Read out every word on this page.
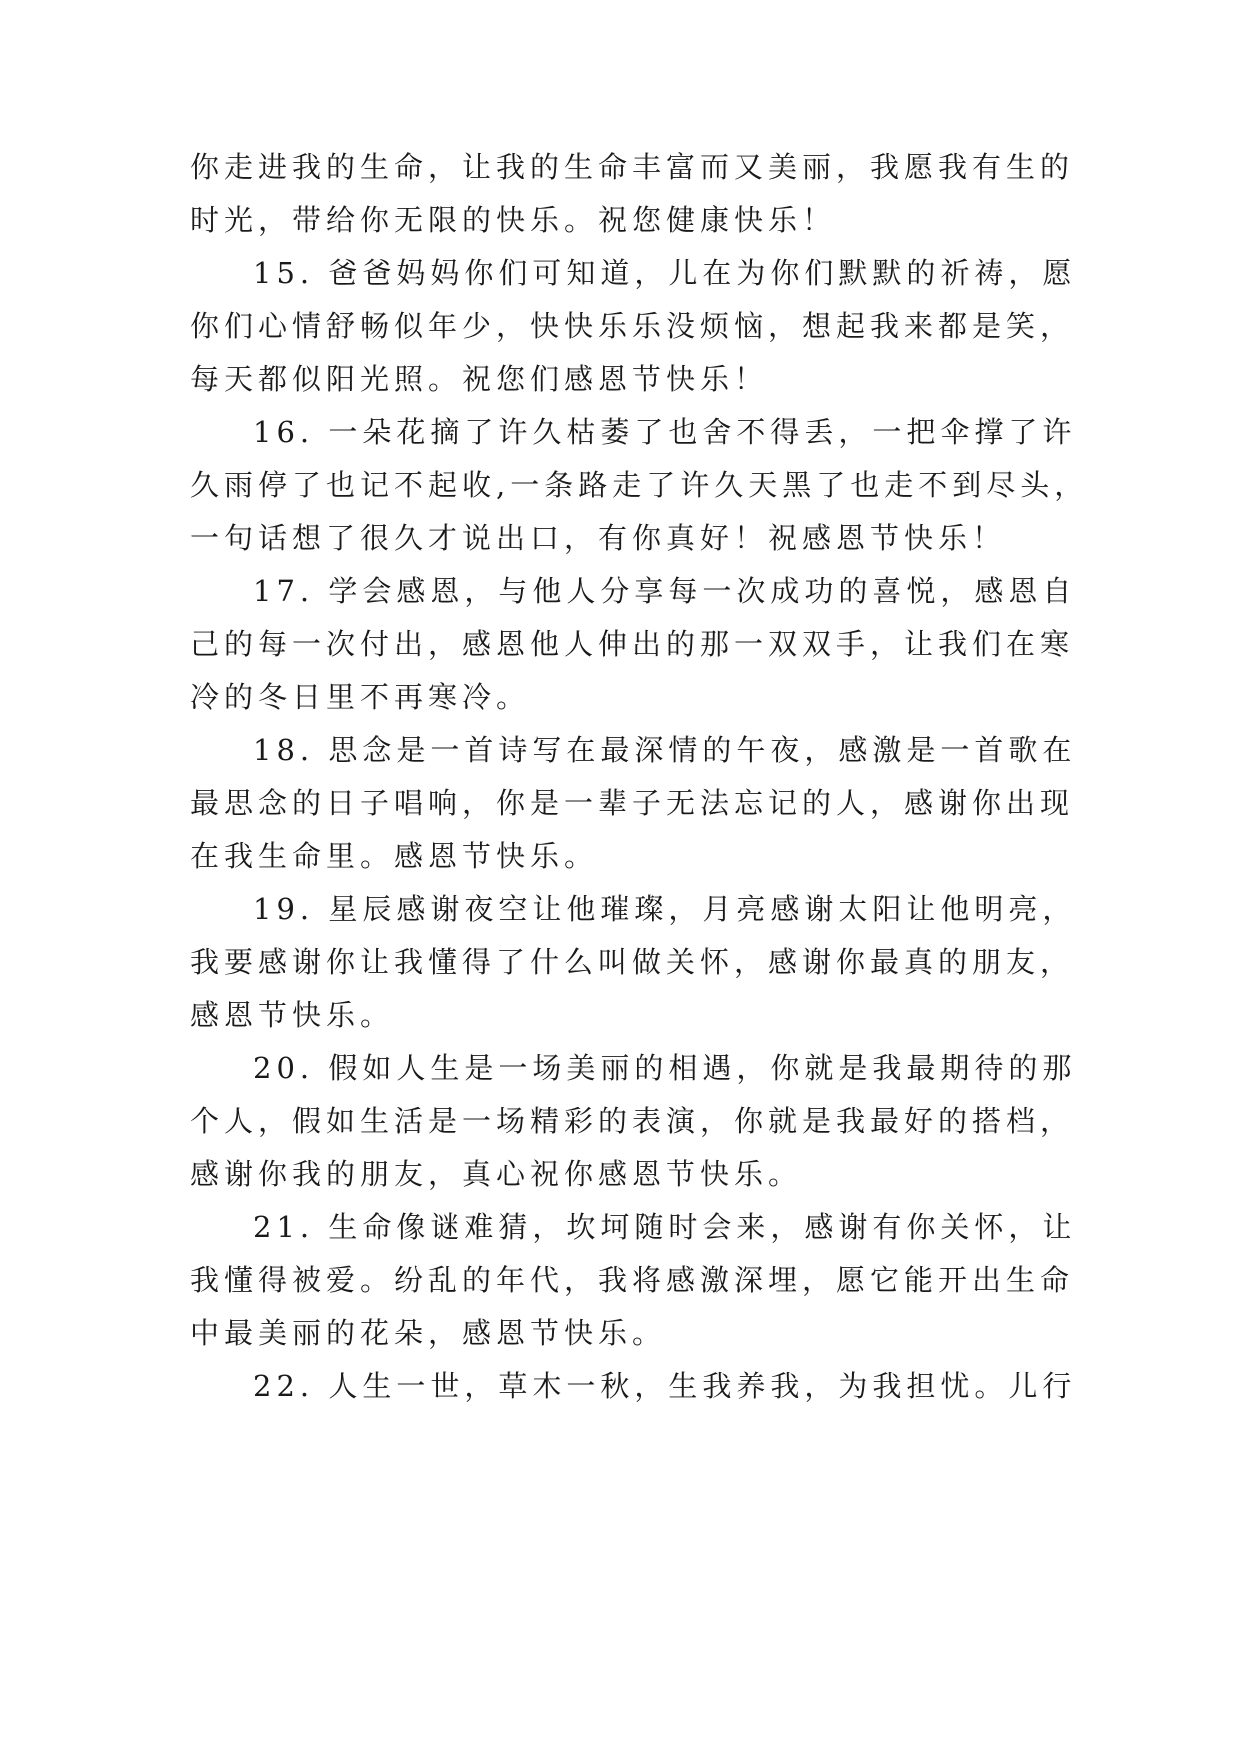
你走进我的生命，让我的生命丰富而又美丽，我愿我有生的
时光，带给你无限的快乐。祝您健康快乐！
15. 爸爸妈妈你们可知道，儿在为你们默默的祈祷，愿
你们心情舒畅似年少，快快乐乐没烦恼，想起我来都是笑，
每天都似阳光照。祝您们感恩节快乐！
16. 一朵花摘了许久枯萎了也舍不得丢，一把伞撑了许
久雨停了也记不起收,一条路走了许久天黑了也走不到尽头，
一句话想了很久才说出口，有你真好！祝感恩节快乐！
17. 学会感恩，与他人分享每一次成功的喜悦，感恩自
己的每一次付出，感恩他人伸出的那一双双手，让我们在寒
冷的冬日里不再寒冷。
18. 思念是一首诗写在最深情的午夜，感激是一首歌在
最思念的日子唱响，你是一辈子无法忘记的人，感谢你出现
在我生命里。感恩节快乐。
19. 星辰感谢夜空让他璀璨，月亮感谢太阳让他明亮，
我要感谢你让我懂得了什么叫做关怀，感谢你最真的朋友，
感恩节快乐。
20. 假如人生是一场美丽的相遇，你就是我最期待的那
个人，假如生活是一场精彩的表演，你就是我最好的搭档，
感谢你我的朋友，真心祝你感恩节快乐。
21. 生命像谜难猜，坎坷随时会来，感谢有你关怀，让
我懂得被爱。纷乱的年代，我将感激深埋，愿它能开出生命
中最美丽的花朵，感恩节快乐。
22. 人生一世，草木一秋，生我养我，为我担忧。儿行
